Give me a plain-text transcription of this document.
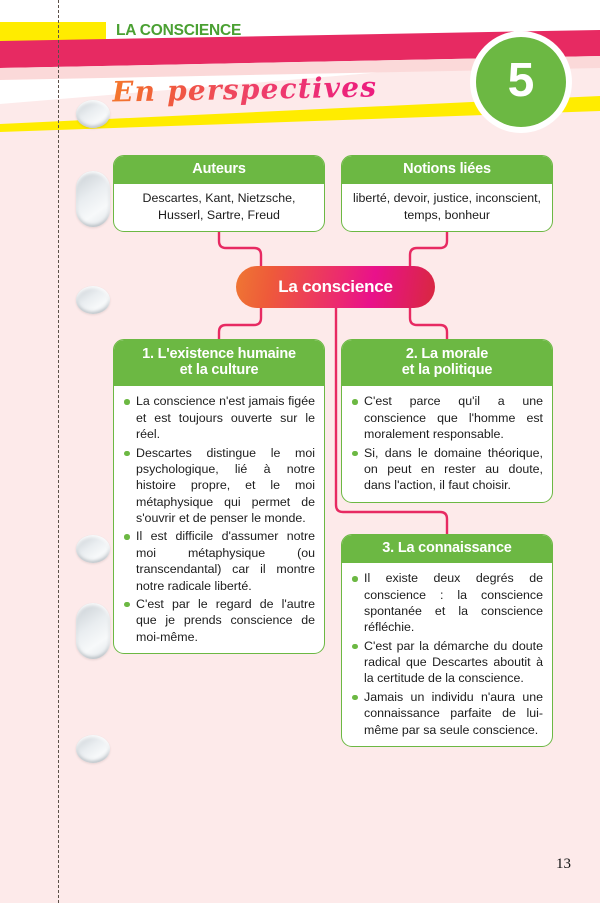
LA CONSCIENCE
5
En perspectives
Auteurs
Descartes, Kant, Nietzsche, Husserl, Sartre, Freud
Notions liées
liberté, devoir, justice, inconscient, temps, bonheur
La conscience
1. L'existence humaine
et la culture

La conscience n'est jamais figée et est toujours ouverte sur le réel.

Descartes distingue le moi psychologique, lié à notre histoire propre, et le moi métaphysique qui permet de s'ouvrir et de penser le monde.

Il est difficile d'assumer notre moi métaphysique (ou transcendantal) car il montre notre radicale liberté.

C'est par le regard de l'autre que je prends conscience de moi-même.

2. La morale
et la politique

C'est parce qu'il a une conscience que l'homme est moralement responsable.

Si, dans le domaine théorique, on peut en rester au doute, dans l'action, il faut choisir.

3. La connaissance

Il existe deux degrés de conscience : la conscience spontanée et la conscience réfléchie.

C'est par la démarche du doute radical que Descartes aboutit à la certitude de la conscience.

Jamais un individu n'aura une connaissance parfaite de lui-même par sa seule conscience.

13
